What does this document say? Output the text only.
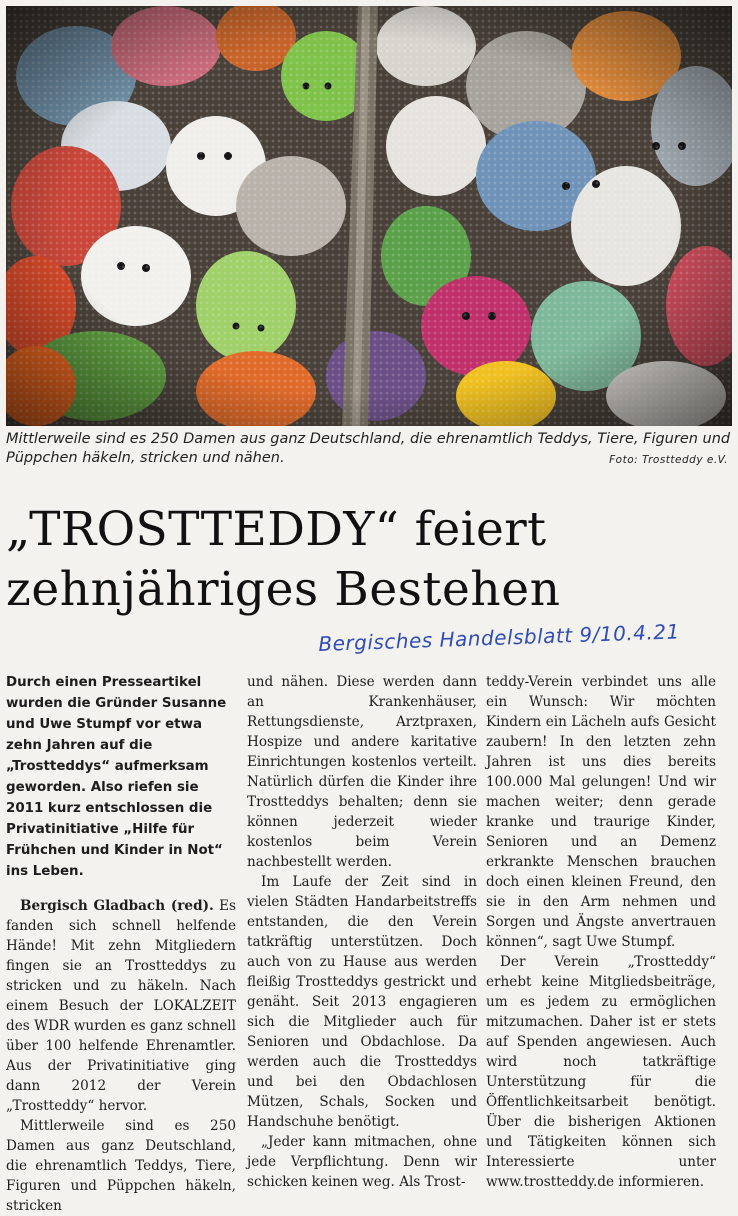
Mittlerweile sind es 250 Damen aus ganz Deutschland, die ehrenamtlich Teddys, Tiere, Figuren und Püppchen häkeln, stricken und nähen.	Foto: Trostteddy e.V.
„TROSTTEDDY“ feiert
zehnjähriges Bestehen
Bergisches Handelsblatt 9/10.4.21

Durch einen Presseartikel wurden die Gründer Susanne und Uwe Stumpf vor etwa zehn Jahren auf die „Trostteddys“ aufmerksam geworden. Also riefen sie 2011 kurz entschlossen die Privatinitiative „Hilfe für Frühchen und Kinder in Not“ ins Leben.

Bergisch Gladbach (red). Es fanden sich schnell helfende Hände! Mit zehn Mitgliedern fingen sie an Trostteddys zu stricken und zu häkeln. Nach einem Besuch der LOKALZEIT des WDR wurden es ganz schnell über 100 helfende Ehrenamtler. Aus der Privatinitiative ging dann 2012 der Verein „Trostteddy“ hervor.

Mittlerweile sind es 250 Damen aus ganz Deutschland, die ehrenamtlich Teddys, Tiere, Figuren und Püppchen häkeln, stricken

und nähen. Diese werden dann an Krankenhäuser, Rettungsdienste, Arztpraxen, Hospize und andere karitative Einrichtungen kostenlos verteilt. Natürlich dürfen die Kinder ihre Trostteddys behalten; denn sie können jederzeit wieder kostenlos beim Verein nachbestellt werden.

Im Laufe der Zeit sind in vielen Städten Handarbeitstreffs entstanden, die den Verein tatkräftig unterstützen. Doch auch von zu Hause aus werden fleißig Trostteddys gestrickt und genäht. Seit 2013 engagieren sich die Mitglieder auch für Senioren und Obdachlose. Da werden auch die Trostteddys und bei den Obdachlosen Mützen, Schals, Socken und Handschuhe benötigt.

„Jeder kann mitmachen, ohne jede Verpflichtung. Denn wir schicken keinen weg. Als Trost-

teddy-Verein verbindet uns alle ein Wunsch: Wir möchten Kindern ein Lächeln aufs Gesicht zaubern! In den letzten zehn Jahren ist uns dies bereits 100.000 Mal gelungen! Und wir machen weiter; denn gerade kranke und traurige Kinder, Senioren und an Demenz erkrankte Menschen brauchen doch einen kleinen Freund, den sie in den Arm nehmen und Sorgen und Ängste anvertrauen können“, sagt Uwe Stumpf.

Der Verein „Trostteddy“ erhebt keine Mitgliedsbeiträge, um es jedem zu ermöglichen mitzumachen. Daher ist er stets auf Spenden angewiesen. Auch wird noch tatkräftige Unterstützung für die Öffentlichkeitsarbeit benötigt. Über die bisherigen Aktionen und Tätigkeiten können sich Interessierte unter www.trostteddy.de informieren.
